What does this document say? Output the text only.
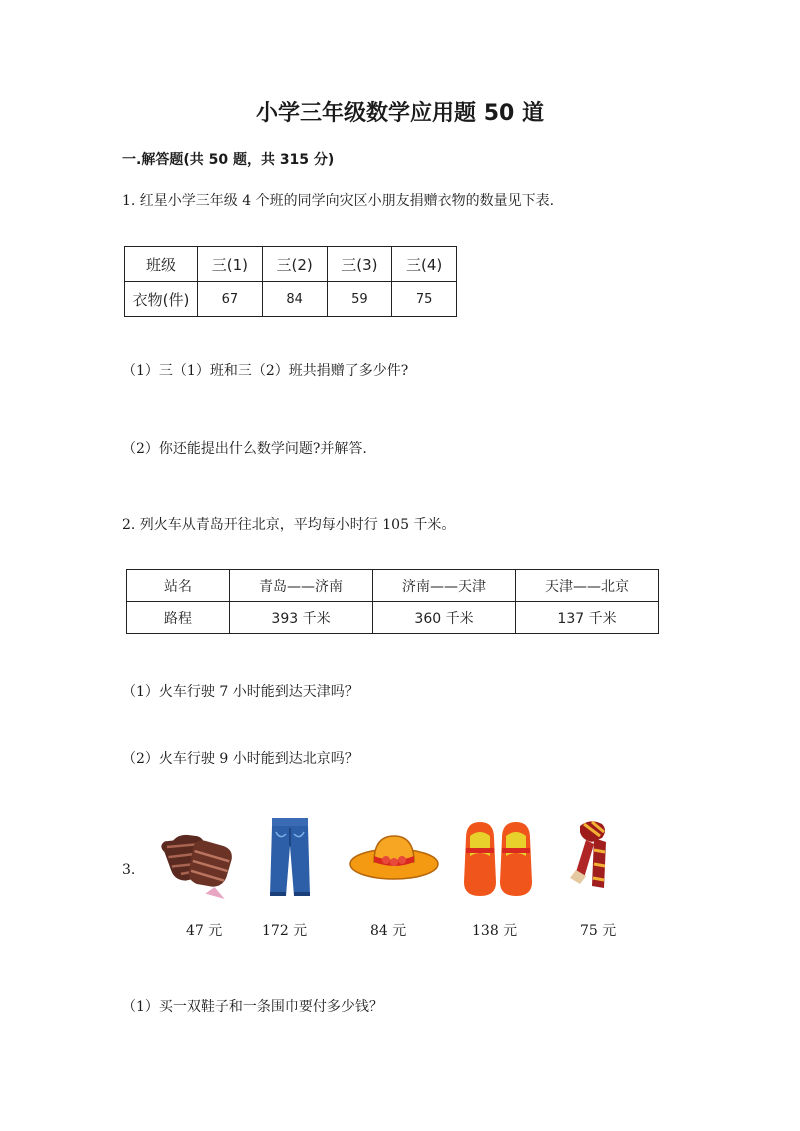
小学三年级数学应用题 50 道
一.解答题(共 50 题，共 315 分)
1. 红星小学三年级 4 个班的同学向灾区小朋友捐赠衣物的数量见下表.
班级	三(1)	三(2)	三(3)	三(4)
衣物(件)	67	84	59	75
（1）三（1）班和三（2）班共捐赠了多少件?
（2）你还能提出什么数学问题?并解答.
2. 列火车从青岛开往北京，平均每小时行 105 千米。
站名	青岛——济南	济南——天津	天津——北京
路程	393 千米	360 千米	137 千米
（1）火车行驶 7 小时能到达天津吗？
（2）火车行驶 9 小时能到达北京吗？
3.
47 元	172 元	84 元	138 元	75 元
（1）买一双鞋子和一条围巾要付多少钱？
